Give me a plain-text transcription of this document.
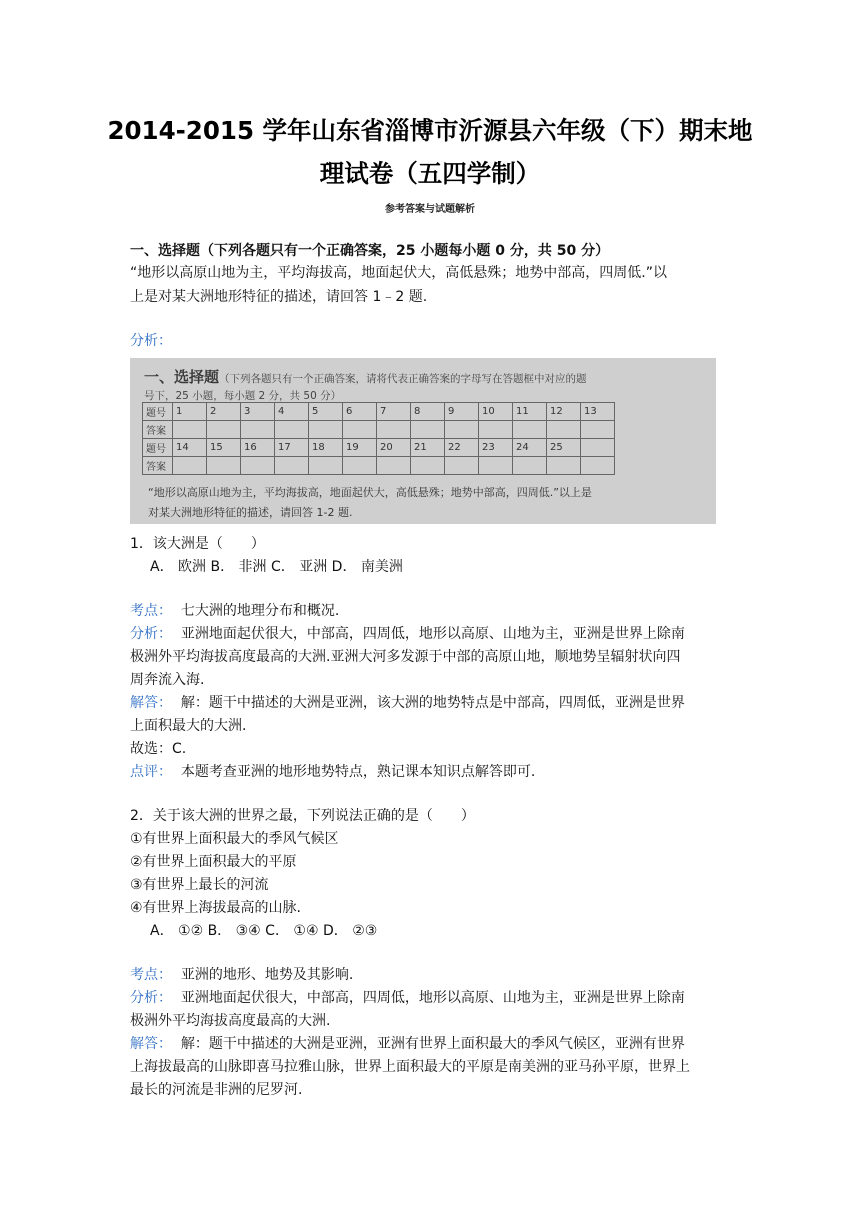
2014-2015 学年山东省淄博市沂源县六年级（下）期末地
理试卷（五四学制）
参考答案与试题解析
一、选择题（下列各题只有一个正确答案，25 小题每小题 0 分，共 50 分）
“地形以高原山地为主，平均海拔高，地面起伏大，高低悬殊；地势中部高，四周低.”以
上是对某大洲地形特征的描述，请回答 1﹣2 题.
分析：
一、选择题（下列各题只有一个正确答案，请将代表正确答案的字母写在答题框中对应的题
号下，25 小题，每小题 2 分，共 50 分）
题号	1	2	3	4	5	6	7	8	9	10	11	12	13
答案													
题号	14	15	16	17	18	19	20	21	22	23	24	25	
答案													
“地形以高原山地为主，平均海拔高，地面起伏大，高低悬殊；地势中部高，四周低.”以上是
对某大洲地形特征的描述，请回答 1-2 题.
1．该大洲是（　　）
A． 欧洲 B． 非洲 C． 亚洲 D． 南美洲
考点： 七大洲的地理分布和概况.
分析： 亚洲地面起伏很大，中部高，四周低，地形以高原、山地为主，亚洲是世界上除南
极洲外平均海拔高度最高的大洲.亚洲大河多发源于中部的高原山地，顺地势呈辐射状向四
周奔流入海.
解答： 解：题干中描述的大洲是亚洲，该大洲的地势特点是中部高，四周低，亚洲是世界
上面积最大的大洲.
故选：C.
点评： 本题考查亚洲的地形地势特点，熟记课本知识点解答即可.
2．关于该大洲的世界之最，下列说法正确的是（　　）
①有世界上面积最大的季风气候区
②有世界上面积最大的平原
③有世界上最长的河流
④有世界上海拔最高的山脉.
A． ①② B． ③④ C． ①④ D． ②③
考点： 亚洲的地形、地势及其影响.
分析： 亚洲地面起伏很大，中部高，四周低，地形以高原、山地为主，亚洲是世界上除南
极洲外平均海拔高度最高的大洲.
解答： 解：题干中描述的大洲是亚洲，亚洲有世界上面积最大的季风气候区，亚洲有世界
上海拔最高的山脉即喜马拉雅山脉，世界上面积最大的平原是南美洲的亚马孙平原，世界上
最长的河流是非洲的尼罗河.
